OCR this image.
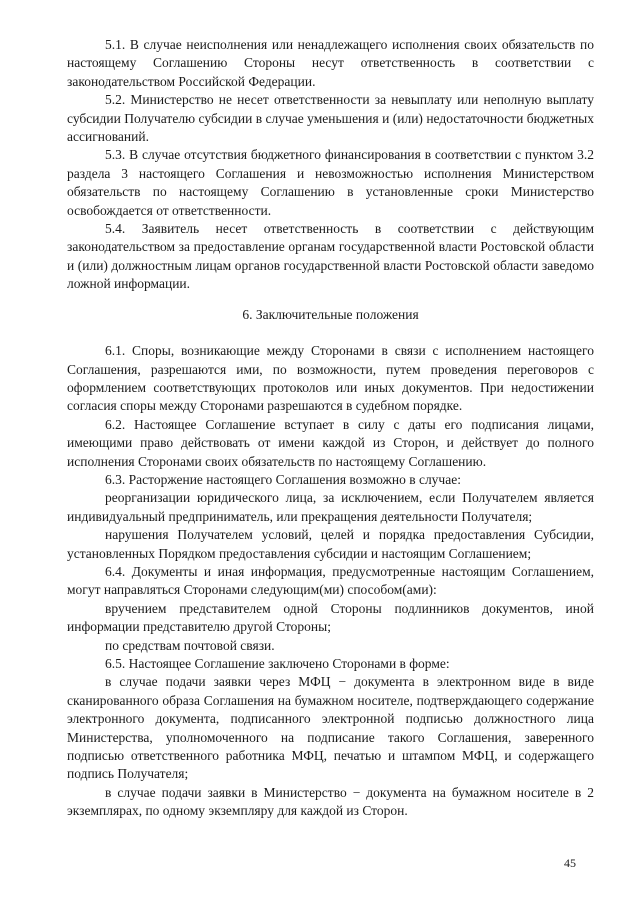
5.1. В случае неисполнения или ненадлежащего исполнения своих обязательств по настоящему Соглашению Стороны несут ответственность в соответствии с законодательством Российской Федерации.

5.2. Министерство не несет ответственности за невыплату или неполную выплату субсидии Получателю субсидии в случае уменьшения и (или) недостаточности бюджетных ассигнований.

5.3. В случае отсутствия бюджетного финансирования в соответствии с пунктом 3.2 раздела 3 настоящего Соглашения и невозможностью исполнения Министерством обязательств по настоящему Соглашению в установленные сроки Министерство освобождается от ответственности.

5.4. Заявитель несет ответственность в соответствии с действующим законодательством за предоставление органам государственной власти Ростовской области и (или) должностным лицам органов государственной власти Ростовской области заведомо ложной информации.

6. Заключительные положения

6.1. Споры, возникающие между Сторонами в связи с исполнением настоящего Соглашения, разрешаются ими, по возможности, путем проведения переговоров с оформлением соответствующих протоколов или иных документов. При недостижении согласия споры между Сторонами разрешаются в судебном порядке.

6.2. Настоящее Соглашение вступает в силу с даты его подписания лицами, имеющими право действовать от имени каждой из Сторон, и действует до полного исполнения Сторонами своих обязательств по настоящему Соглашению.

6.3. Расторжение настоящего Соглашения возможно в случае:

реорганизации юридического лица, за исключением, если Получателем является индивидуальный предприниматель, или прекращения деятельности Получателя;

нарушения Получателем условий, целей и порядка предоставления Субсидии, установленных Порядком предоставления субсидии и настоящим Соглашением;

6.4. Документы и иная информация, предусмотренные настоящим Соглашением, могут направляться Сторонами следующим(ми) способом(ами):

вручением представителем одной Стороны подлинников документов, иной информации представителю другой Стороны;

по средствам почтовой связи.

6.5. Настоящее Соглашение заключено Сторонами в форме:

в случае подачи заявки через МФЦ − документа в электронном виде в виде сканированного образа Соглашения на бумажном носителе, подтверждающего содержание электронного документа, подписанного электронной подписью должностного лица Министерства, уполномоченного на подписание такого Соглашения, заверенного подписью ответственного работника МФЦ, печатью и штампом МФЦ, и содержащего подпись Получателя;

в случае подачи заявки в Министерство − документа на бумажном носителе в 2 экземплярах, по одному экземпляру для каждой из Сторон.

45
